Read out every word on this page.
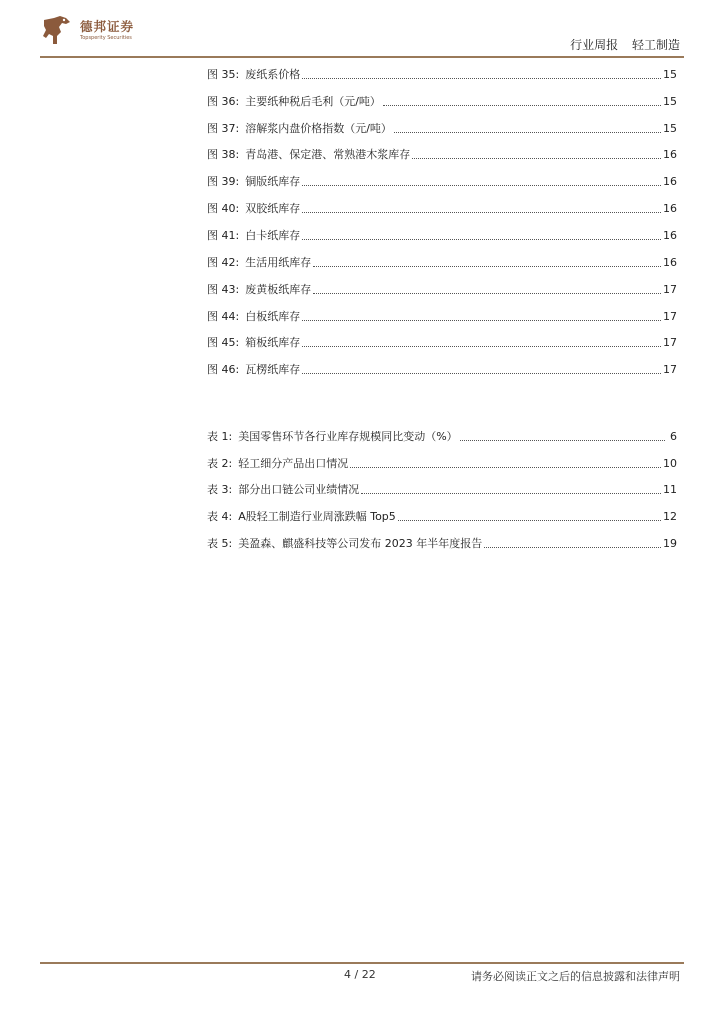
德邦证券
Topsperity Securities	行业周报 轻工制造
图 35: 废纸系价格	15
图 36: 主要纸种税后毛利（元/吨）	15
图 37: 溶解浆内盘价格指数（元/吨）	15
图 38: 青岛港、保定港、常熟港木浆库存	16
图 39: 铜版纸库存	16
图 40: 双胶纸库存	16
图 41: 白卡纸库存	16
图 42: 生活用纸库存	16
图 43: 废黄板纸库存	17
图 44: 白板纸库存	17
图 45: 箱板纸库存	17
图 46: 瓦楞纸库存	17
表 1: 美国零售环节各行业库存规模同比变动（%）	6
表 2: 轻工细分产品出口情况	10
表 3: 部分出口链公司业绩情况	11
表 4: A股轻工制造行业周涨跌幅 Top5	12
表 5: 美盈森、麒盛科技等公司发布 2023 年半年度报告	19
4 / 22	请务必阅读正文之后的信息披露和法律声明
